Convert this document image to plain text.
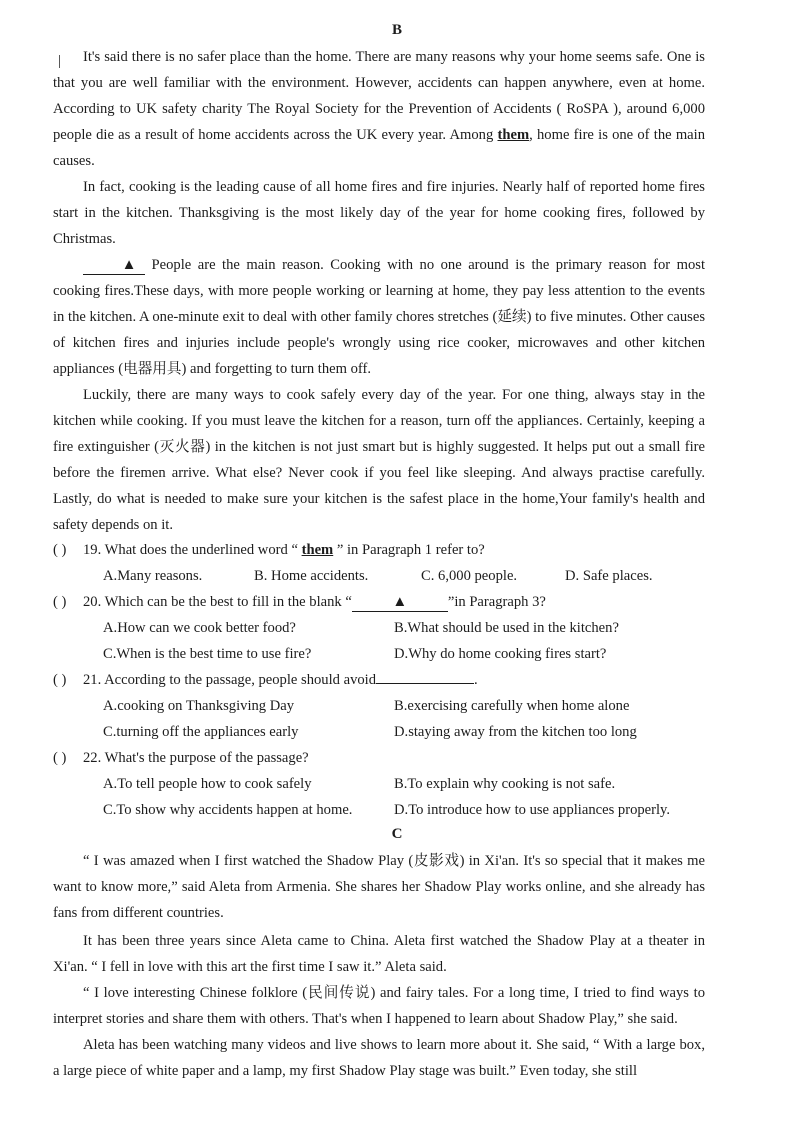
B
|	It's said there is no safer place than the home. There are many reasons why your home seems safe. One is that you are well familiar with the environment. However, accidents can happen anywhere, even at home. According to UK safety charity The Royal Society for the Prevention of Accidents ( RoSPA ), around 6,000 people die as a result of home accidents across the UK every year. Among them, home fire is one of the main causes.

In fact, cooking is the leading cause of all home fires and fire injuries. Nearly half of reported home fires start in the kitchen. Thanksgiving is the most likely day of the year for home cooking fires, followed by Christmas.

▲ People are the main reason. Cooking with no one around is the primary reason for most cooking fires.These days, with more people working or learning at home, they pay less attention to the events in the kitchen. A one-minute exit to deal with other family chores stretches (延续) to five minutes. Other causes of kitchen fires and injuries include people's wrongly using rice cooker, microwaves and other kitchen appliances (电器用具) and forgetting to turn them off.

Luckily, there are many ways to cook safely every day of the year. For one thing, always stay in the kitchen while cooking. If you must leave the kitchen for a reason, turn off the appliances. Certainly, keeping a fire extinguisher (灭火器) in the kitchen is not just smart but is highly suggested. It helps put out a small fire before the firemen arrive. What else? Never cook if you feel like sleeping. And always practise carefully. Lastly, do what is needed to make sure your kitchen is the safest place in the home,Your family's health and safety depends on it.

( ) 19. What does the underlined word “ them ” in Paragraph 1 refer to?
A.Many reasons.	B. Home accidents.	C. 6,000 people.	D. Safe places.
( ) 20. Which can be the best to fill in the blank “	▲	”in Paragraph 3?
A.How can we cook better food?	B.What should be used in the kitchen?
C.When is the best time to use fire?	D.Why do home cooking fires start?
( ) 21. According to the passage, people should avoid	.
A.cooking on Thanksgiving Day	B.exercising carefully when home alone
C.turning off the appliances early	D.staying away from the kitchen too long
( ) 22. What's the purpose of the passage?
A.To tell people how to cook safely	B.To explain why cooking is not safe.
C.To show why accidents happen at home.	D.To introduce how to use appliances properly.
C

“ I was amazed when I first watched the Shadow Play (皮影戏) in Xi'an. It's so special that it makes me want to know more,” said Aleta from Armenia. She shares her Shadow Play works online, and she already has fans from different countries.

It has been three years since Aleta came to China. Aleta first watched the Shadow Play at a theater in Xi'an. “ I fell in love with this art the first time I saw it.” Aleta said.

“ I love interesting Chinese folklore (民间传说) and fairy tales. For a long time, I tried to find ways to interpret stories and share them with others. That's when I happened to learn about Shadow Play,” she said.

Aleta has been watching many videos and live shows to learn more about it. She said, “ With a large box, a large piece of white paper and a lamp, my first Shadow Play stage was built.” Even today, she still
